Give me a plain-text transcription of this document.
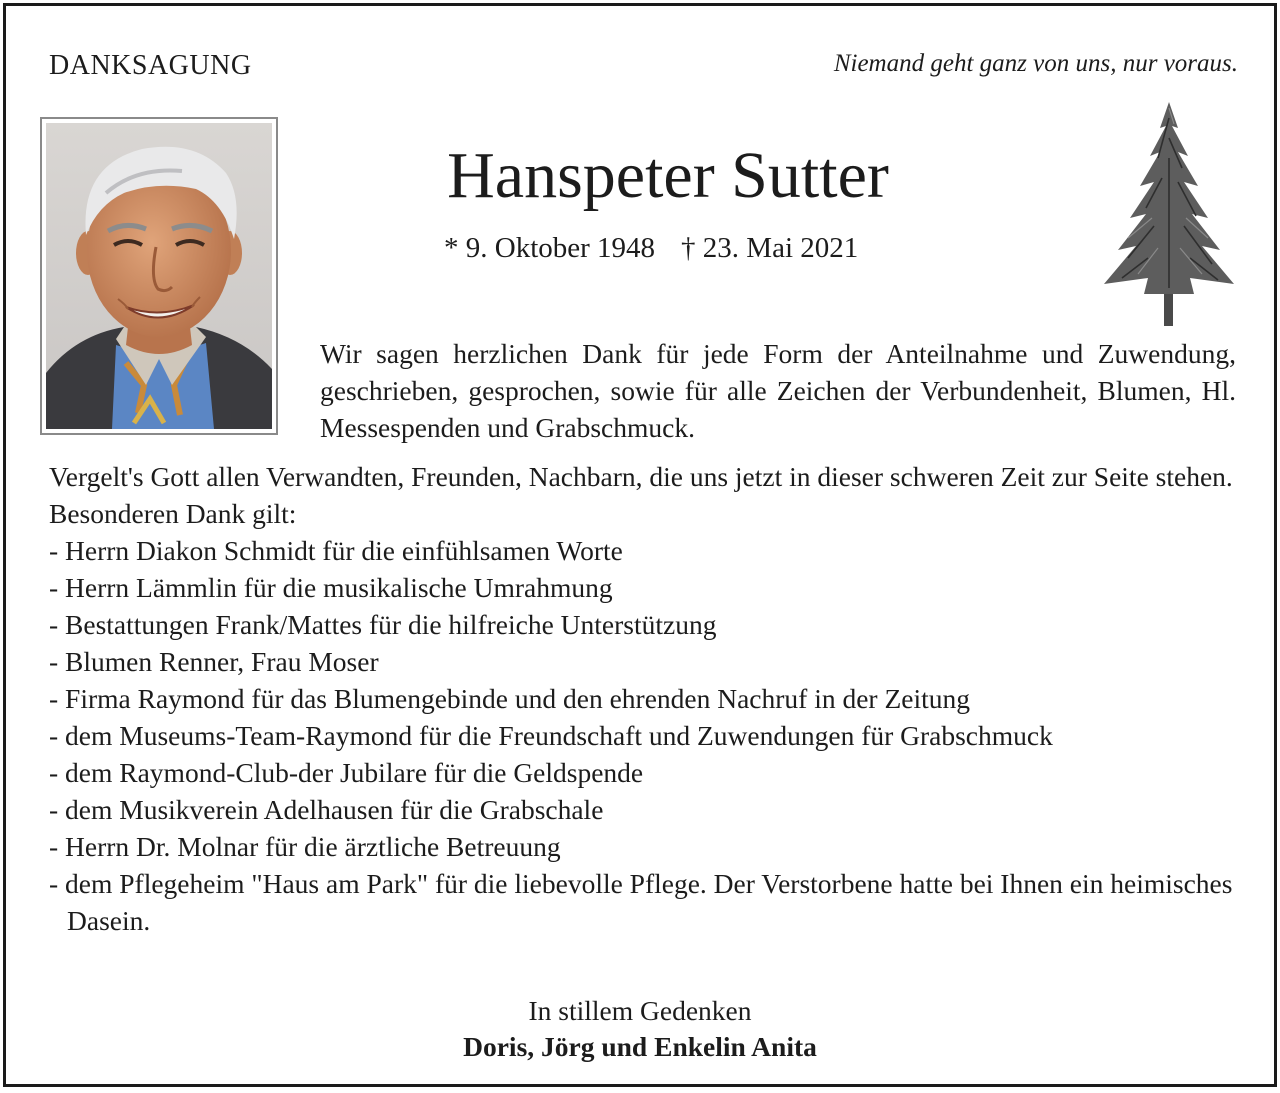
DANKSAGUNG	Niemand geht ganz von uns, nur voraus.
Hanspeter Sutter
* 9. Oktober 1948 † 23. Mai 2021
Wir sagen herzlichen Dank für jede Form der Anteilnahme und Zuwendung, geschrieben, gesprochen, sowie für alle Zeichen der Verbundenheit, Blumen, Hl. Messespenden und Grabschmuck.

Vergelt's Gott allen Verwandten, Freunden, Nachbarn, die uns jetzt in dieser schweren Zeit zur Seite stehen.

Besonderen Dank gilt:

- Herrn Diakon Schmidt für die einfühlsamen Worte
- Herrn Lämmlin für die musikalische Umrahmung
- Bestattungen Frank/Mattes für die hilfreiche Unterstützung
- Blumen Renner, Frau Moser
- Firma Raymond für das Blumengebinde und den ehrenden Nachruf in der Zeitung
- dem Museums-Team-Raymond für die Freundschaft und Zuwendungen für Grabschmuck
- dem Raymond-Club-der Jubilare für die Geldspende
- dem Musikverein Adelhausen für die Grabschale
- Herrn Dr. Molnar für die ärztliche Betreuung
- dem Pflegeheim "Haus am Park" für die liebevolle Pflege. Der Verstorbene hatte bei Ihnen ein heimisches Dasein.
In stillem Gedenken
Doris, Jörg und Enkelin Anita
